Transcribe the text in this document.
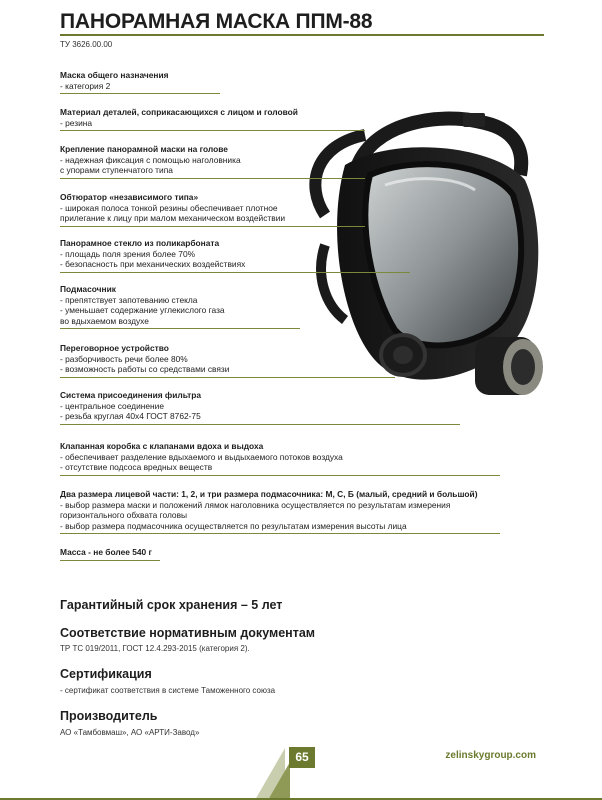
ПАНОРАМНАЯ МАСКА ППМ-88
ТУ 3626.00.00
Маска общего назначения
- категория 2
Материал деталей, соприкасающихся с лицом и головой
- резина
Крепление панорамной маски на голове
- надежная фиксация с помощью наголовника
с упорами ступенчатого типа
Обтюратор «независимого типа»
- широкая полоса тонкой резины обеспечивает плотное
прилегание к лицу при малом механическом воздействии
Панорамное стекло из поликарбоната
- площадь поля зрения более 70%
- безопасность при механических воздействиях
Подмасочник
- препятствует запотеванию стекла
- уменьшает содержание углекислого газа
во вдыхаемом воздухе
Переговорное устройство
- разборчивость речи более 80%
- возможность работы со средствами связи
Система присоединения фильтра
- центральное соединение
- резьба круглая 40х4 ГОСТ 8762-75
Клапанная коробка с клапанами вдоха и выдоха
- обеспечивает разделение вдыхаемого и выдыхаемого потоков воздуха
- отсутствие подсоса вредных веществ
Два размера лицевой части: 1, 2, и три размера подмасочника: М, С, Б (малый, средний и большой)
- выбор размера маски и положений лямок наголовника осуществляется по результатам измерения
горизонтального обхвата головы
- выбор размера подмасочника осуществляется по результатам измерения высоты лица
Масса - не более 540 г
Гарантийный срок хранения – 5 лет
Соответствие нормативным документам
ТР ТС 019/2011, ГОСТ 12.4.293-2015 (категория 2).
Сертификация
- сертификат соответствия в системе Таможенного союза
Производитель
АО «Тамбовмаш», АО «АРТИ-Завод»
65	zelinskygroup.com
